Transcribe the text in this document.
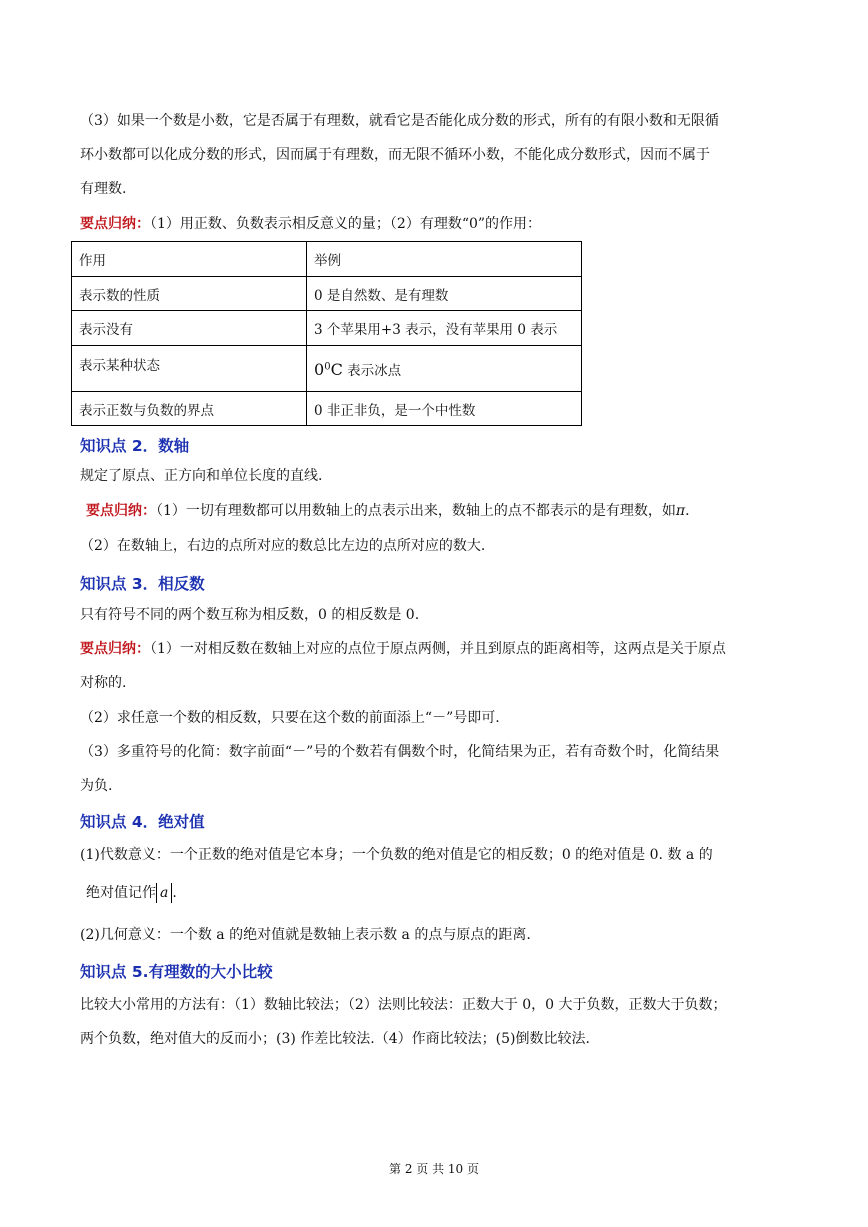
（3）如果一个数是小数，它是否属于有理数，就看它是否能化成分数的形式，所有的有限小数和无限循
环小数都可以化成分数的形式，因而属于有理数，而无限不循环小数，不能化成分数形式，因而不属于
有理数.

要点归纳：（1）用正数、负数表示相反意义的量；（2）有理数“0”的作用：

作用	举例
表示数的性质	0 是自然数、是有理数
表示没有	3 个苹果用+3 表示，没有苹果用 0 表示
表示某种状态	$0^0C$ 表示冰点
表示正数与负数的界点	0 非正非负，是一个中性数
知识点 2．数轴

规定了原点、正方向和单位长度的直线.

要点归纳：（1）一切有理数都可以用数轴上的点表示出来，数轴上的点不都表示的是有理数，如π.

（2）在数轴上，右边的点所对应的数总比左边的点所对应的数大.

知识点 3．相反数

只有符号不同的两个数互称为相反数，0 的相反数是 0.

要点归纳：（1）一对相反数在数轴上对应的点位于原点两侧，并且到原点的距离相等，这两点是关于原点
对称的.

（2）求任意一个数的相反数，只要在这个数的前面添上“－”号即可.

（3）多重符号的化简：数字前面“－”号的个数若有偶数个时，化简结果为正，若有奇数个时，化简结果
为负.

知识点 4．绝对值

(1)代数意义：一个正数的绝对值是它本身；一个负数的绝对值是它的相反数；0 的绝对值是 0. 数 a 的

绝对值记作 a .

(2)几何意义：一个数 a 的绝对值就是数轴上表示数 a 的点与原点的距离.

知识点 5.有理数的大小比较

比较大小常用的方法有：（1）数轴比较法；（2）法则比较法：正数大于 0，0 大于负数，正数大于负数；
两个负数，绝对值大的反而小；(3) 作差比较法.（4）作商比较法；(5)倒数比较法.

第 2 页 共 10 页
